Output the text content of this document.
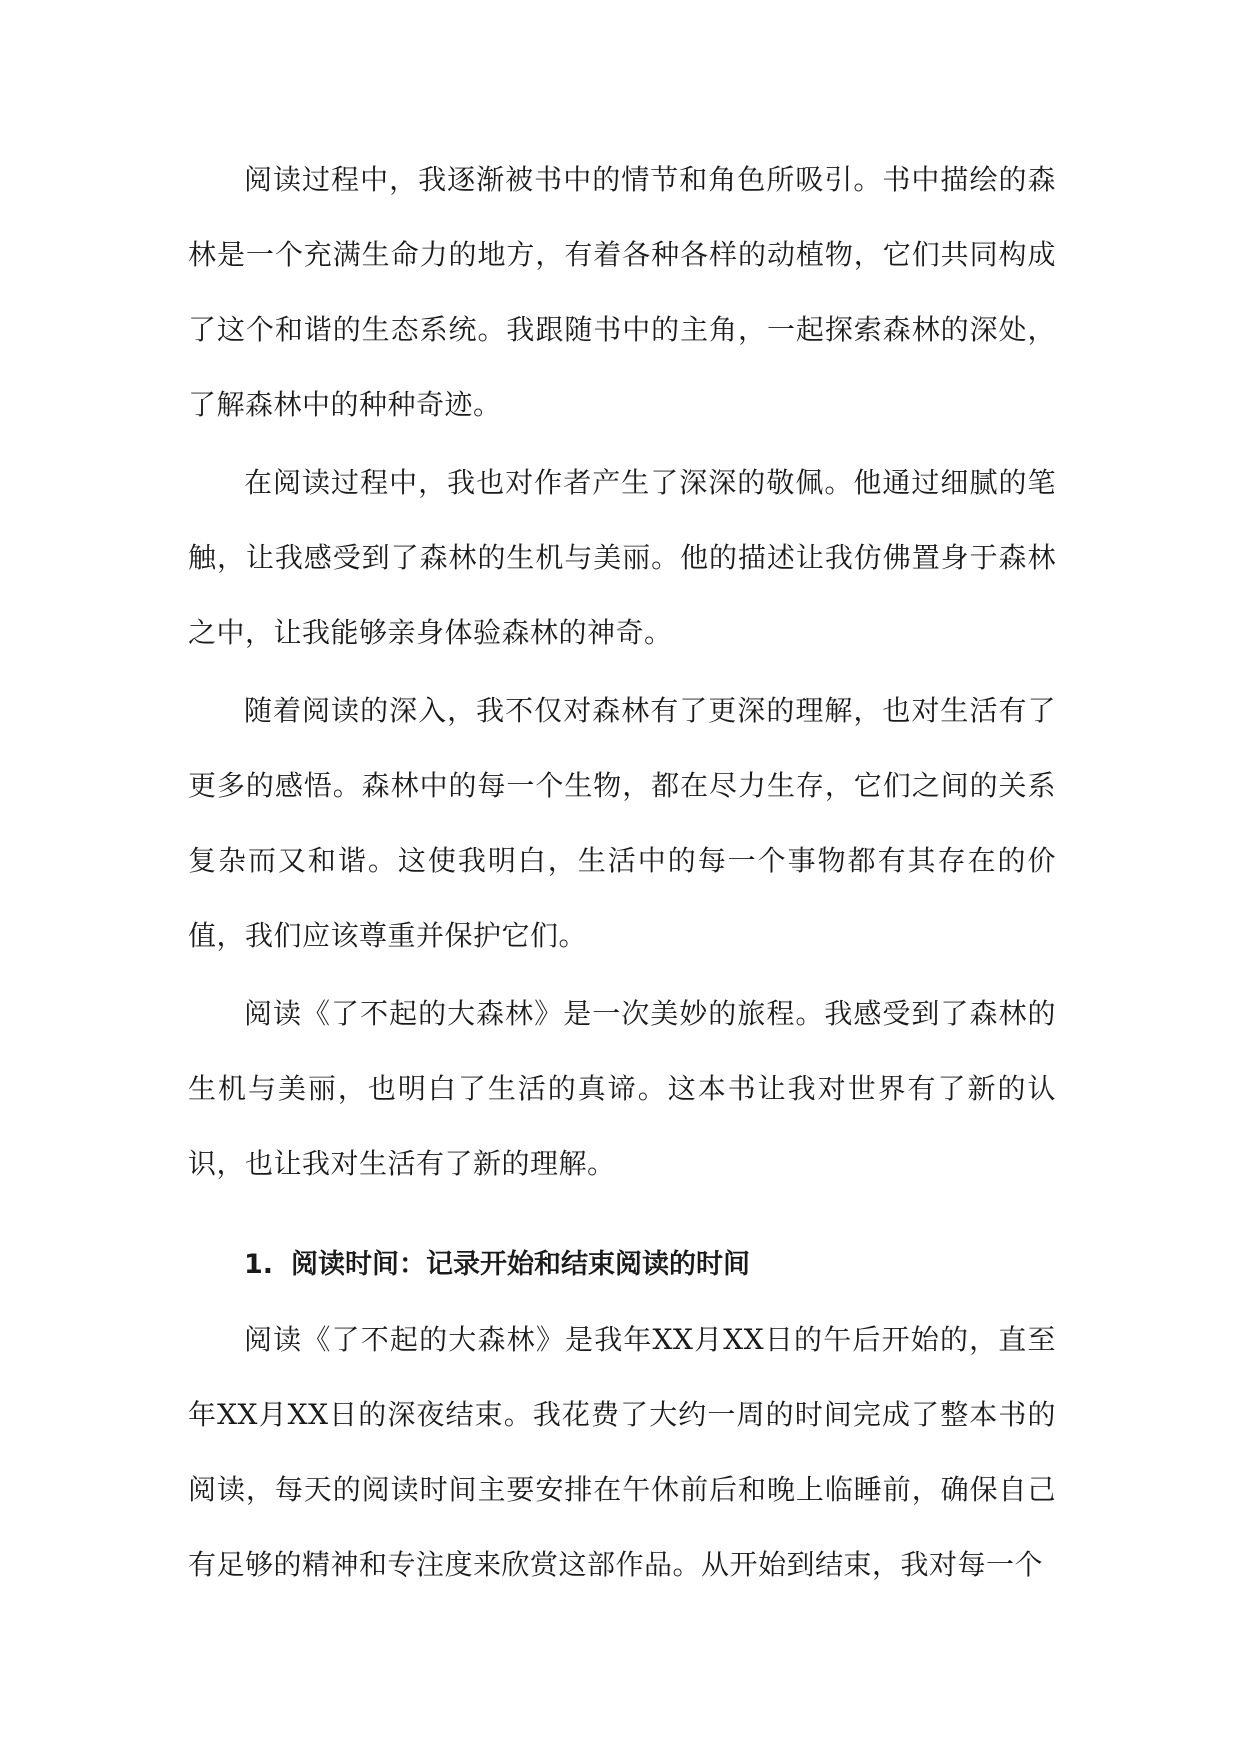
阅读过程中，我逐渐被书中的情节和角色所吸引。书中描绘的森林是一个充满生命力的地方，有着各种各样的动植物，它们共同构成了这个和谐的生态系统。我跟随书中的主角，一起探索森林的深处，了解森林中的种种奇迹。

在阅读过程中，我也对作者产生了深深的敬佩。他通过细腻的笔触，让我感受到了森林的生机与美丽。他的描述让我仿佛置身于森林之中，让我能够亲身体验森林的神奇。

随着阅读的深入，我不仅对森林有了更深的理解，也对生活有了更多的感悟。森林中的每一个生物，都在尽力生存，它们之间的关系复杂而又和谐。这使我明白，生活中的每一个事物都有其存在的价值，我们应该尊重并保护它们。

阅读《了不起的大森林》是一次美妙的旅程。我感受到了森林的生机与美丽，也明白了生活的真谛。这本书让我对世界有了新的认识，也让我对生活有了新的理解。

1. 阅读时间：记录开始和结束阅读的时间

阅读《了不起的大森林》是我年XX月XX日的午后开始的，直至年XX月XX日的深夜结束。我花费了大约一周的时间完成了整本书的阅读，每天的阅读时间主要安排在午休前后和晚上临睡前，确保自己有足够的精神和专注度来欣赏这部作品。从开始到结束，我对每一个
